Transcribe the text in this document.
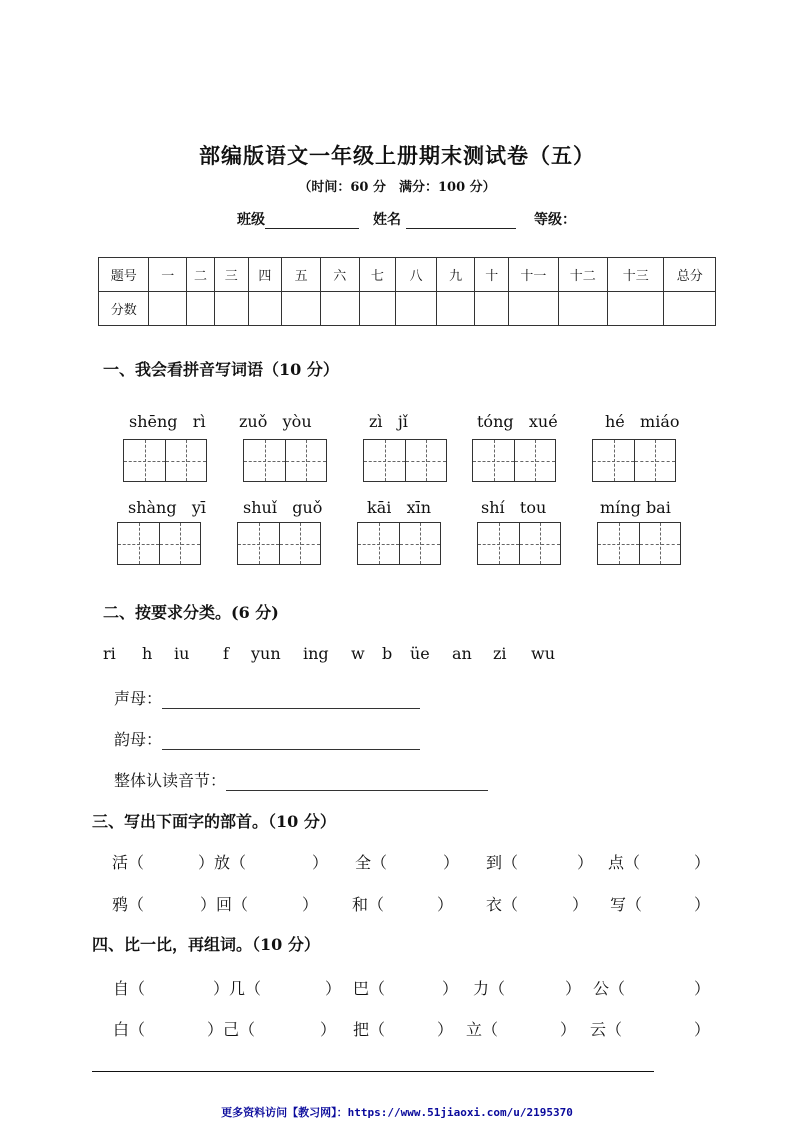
部编版语文一年级上册期末测试卷（五）
（时间：60 分　满分：100 分）
班级	姓名	等级：
题号	一	二	三	四	五	六	七	八	九	十	十一	十二	十三	总分
分数														
一、我会看拼音写词语（10 分）
shēng rì zuǒ yòu	zì jǐ	tóng xué	hé miáo
shàng yī shuǐ guǒ	kāi xīn	shí tou	míng bai
二、按要求分类。(6 分)
ri h iu f yun ing w b üe an zi wu
声母：
韵母：
整体认读音节：
三、写出下面字的部首。（10 分）
活（	）放（	） 全（	） 到（	） 点（	）
鸦（	）回（	） 和（	） 衣（	） 写（	）
四、比一比，再组词。（10 分）
自（	）几（	） 巴（	） 力（	） 公（	）
白（	）己（	） 把（	） 立（	） 云（	）
更多资料访问【教习网】：https://www.51jiaoxi.com/u/2195370
